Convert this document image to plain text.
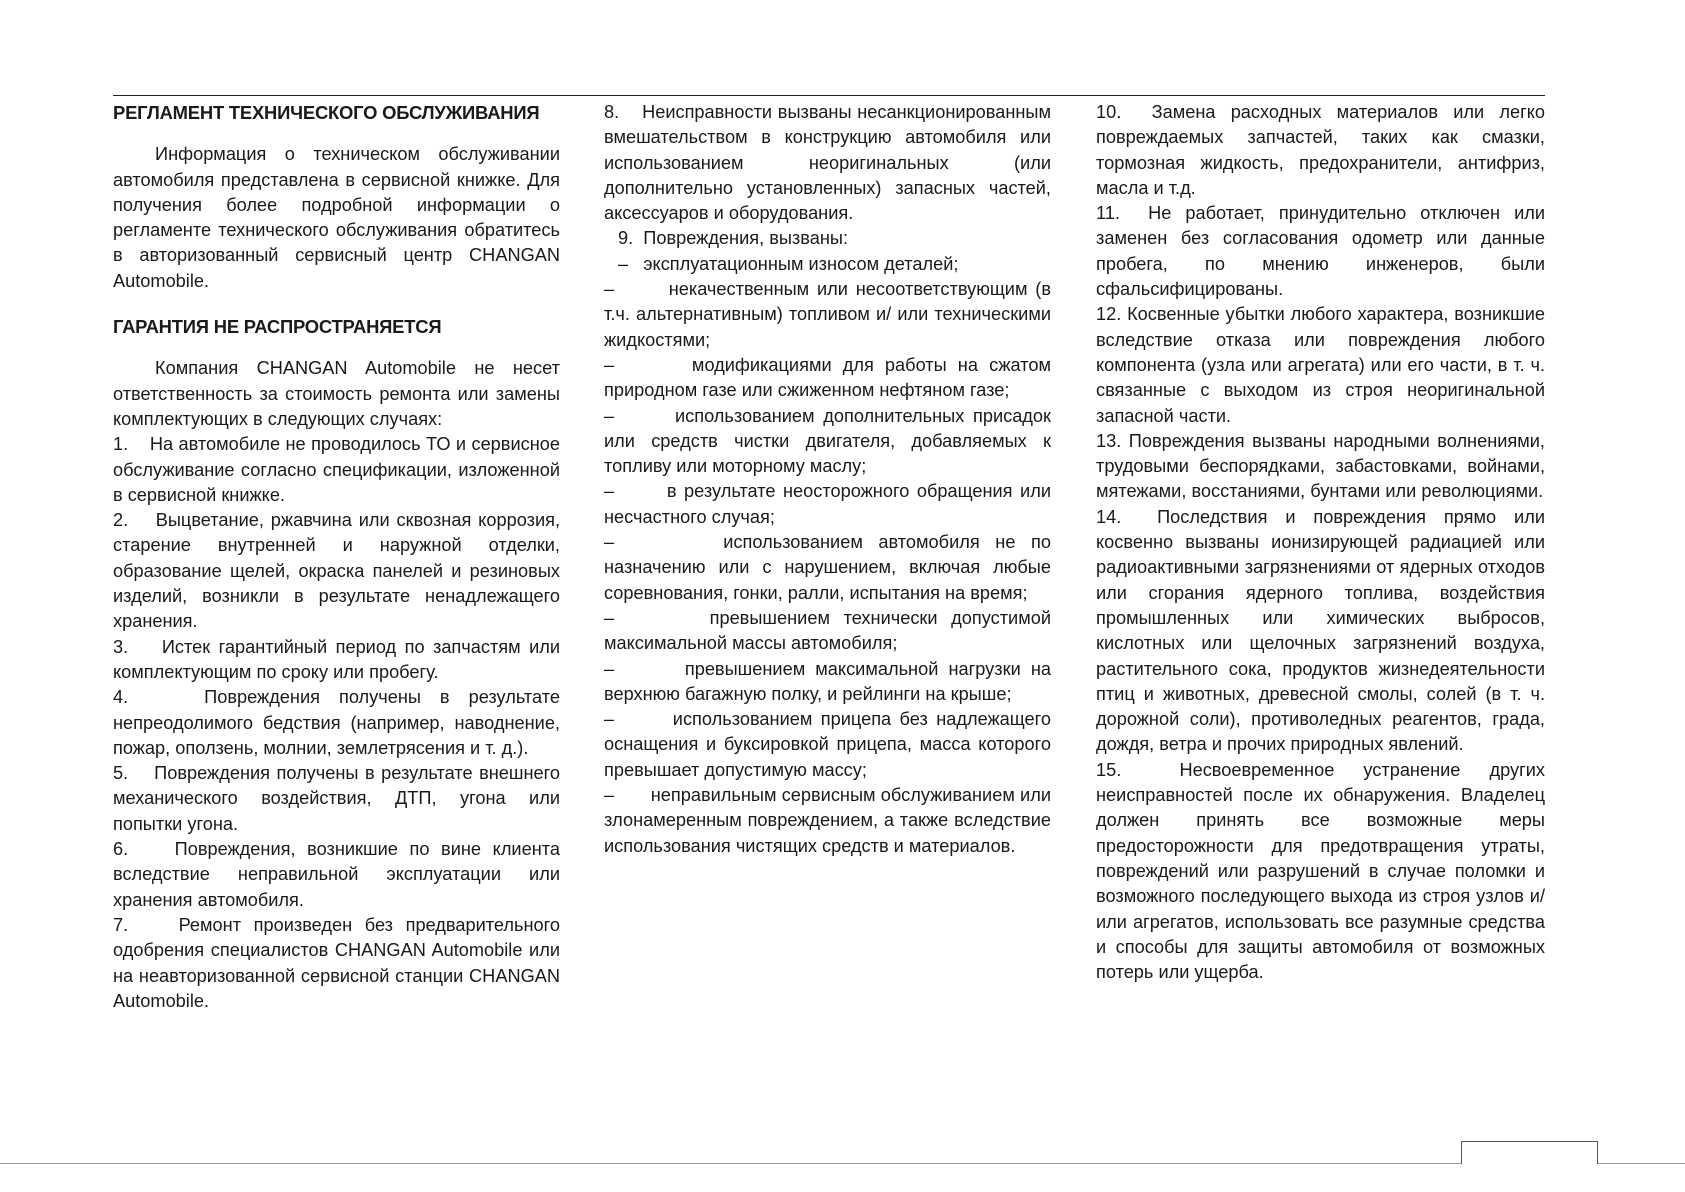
РЕГЛАМЕНТ ТЕХНИЧЕСКОГО ОБСЛУЖИВАНИЯ

Информация о техническом обслуживании автомобиля представлена в сервисной книжке. Для получения более подробной информации о регламенте технического обслуживания обратитесь в авторизованный сервисный центр CHANGAN Automobile.

ГАРАНТИЯ НЕ РАСПРОСТРАНЯЕТСЯ

Компания CHANGAN Automobile не несет ответственность за стоимость ремонта или замены комплектующих в следующих случаях:

1.    На автомобиле не проводилось ТО и сервисное обслуживание согласно спецификации, изложенной в сервисной книжке.

2.    Выцветание, ржавчина или сквозная коррозия, старение внутренней и наружной отделки, образование щелей, окраска панелей и резиновых изделий, возникли в результате ненадлежащего хранения.

3.    Истек гарантийный период по запчастям или комплектующим по сроку или пробегу.

4.    Повреждения получены в результате непреодолимого бедствия (например, наводнение, пожар, оползень, молнии, землетрясения и т. д.).

5.    Повреждения получены в результате внешнего механического воздействия, ДТП, угона или попытки угона.

6.    Повреждения, возникшие по вине клиента вследствие неправильной эксплуатации или хранения автомобиля.

7.    Ремонт произведен без предварительного одобрения специалистов CHANGAN Automobile или на неавторизованной сервисной станции CHANGAN Automobile.

8.    Неисправности вызваны несанкционированным вмешательством в конструкцию автомобиля или использованием неоригинальных (или дополнительно установленных) запасных частей, аксессуаров и оборудования.

9.  Повреждения, вызваны:

–   эксплуатационным износом деталей;

–       некачественным или несоответствующим (в т.ч. альтернативным) топливом и/ или техническими жидкостями;

–       модификациями для работы на сжатом природном газе или сжиженном нефтяном газе;

–       использованием дополнительных присадок или средств чистки двигателя, добавляемых к топливу или моторному маслу;

–       в результате неосторожного обращения или несчастного случая;

–       использованием автомобиля не по назначению или с нарушением, включая любые соревнования, гонки, ралли, испытания на время;

–       превышением технически допустимой максимальной массы автомобиля;

–       превышением максимальной нагрузки на верхнюю багажную полку, и рейлинги на крыше;

–       использованием прицепа без надлежащего оснащения и буксировкой прицепа, масса которого превышает допустимую массу;

–       неправильным сервисным обслуживанием или злонамеренным повреждением, а также вследствие использования чистящих средств и материалов.

10.  Замена расходных материалов или легко повреждаемых запчастей, таких как смазки, тормозная жидкость, предохранители, антифриз, масла и т.д.

11.  Не работает, принудительно отключен или заменен без согласования одометр или данные пробега, по мнению инженеров, были сфальсифицированы.

12. Косвенные убытки любого характера, возникшие вследствие отказа или повреждения любого компонента (узла или агрегата) или его части, в т. ч. связанные с выходом из строя неоригинальной запасной части.

13. Повреждения вызваны народными волнениями, трудовыми беспорядками, забастовками, войнами, мятежами, восстаниями, бунтами или революциями.

14.  Последствия и повреждения прямо или косвенно вызваны ионизирующей радиацией или радиоактивными загрязнениями от ядерных отходов или сгорания ядерного топлива, воздействия промышленных или химических выбросов, кислотных или щелочных загрязнений воздуха, растительного сока, продуктов жизнедеятельности птиц и животных, древесной смолы, солей (в т. ч. дорожной соли), противоледных реагентов, града, дождя, ветра и прочих природных явлений.

15.  Несвоевременное устранение других неисправностей после их обнаружения. Владелец должен принять все возможные меры предосторожности для предотвращения утраты, повреждений или разрушений в случае поломки и возможного последующего выхода из строя узлов и/или агрегатов, использовать все разумные средства и способы для защиты автомобиля от возможных потерь или ущерба.
